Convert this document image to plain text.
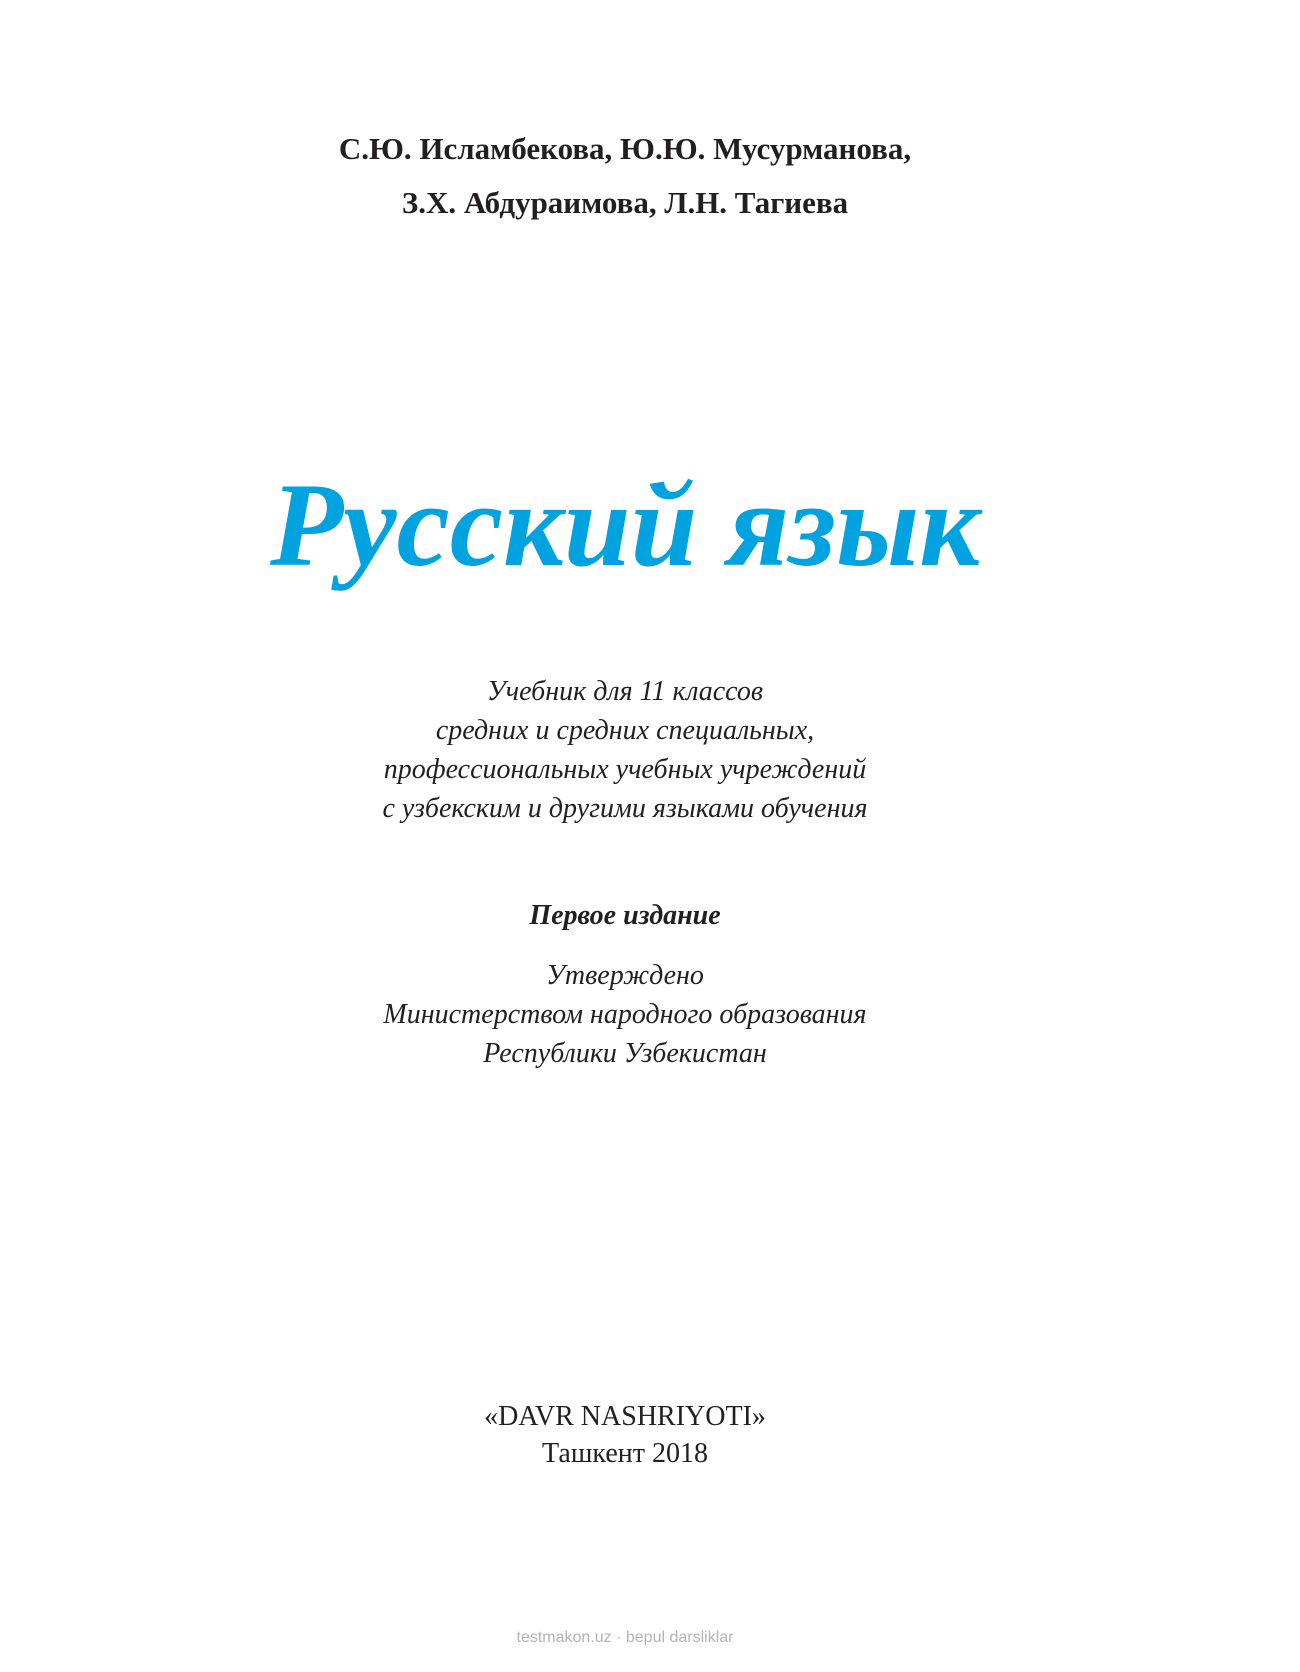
С.Ю. Исламбекова, Ю.Ю. Мусурманова,
З.Х. Абдураимова, Л.Н. Тагиева
Русский язык
Учебник для 11 классов
средних и средних специальных,
профессиональных учебных учреждений
с узбекским и другими языками обучения
Первое издание
Утверждено
Министерством народного образования
Республики Узбекистан
«DAVR NASHRIYOTI»
Ташкент 2018
testmakon.uz · bepul darsliklar
